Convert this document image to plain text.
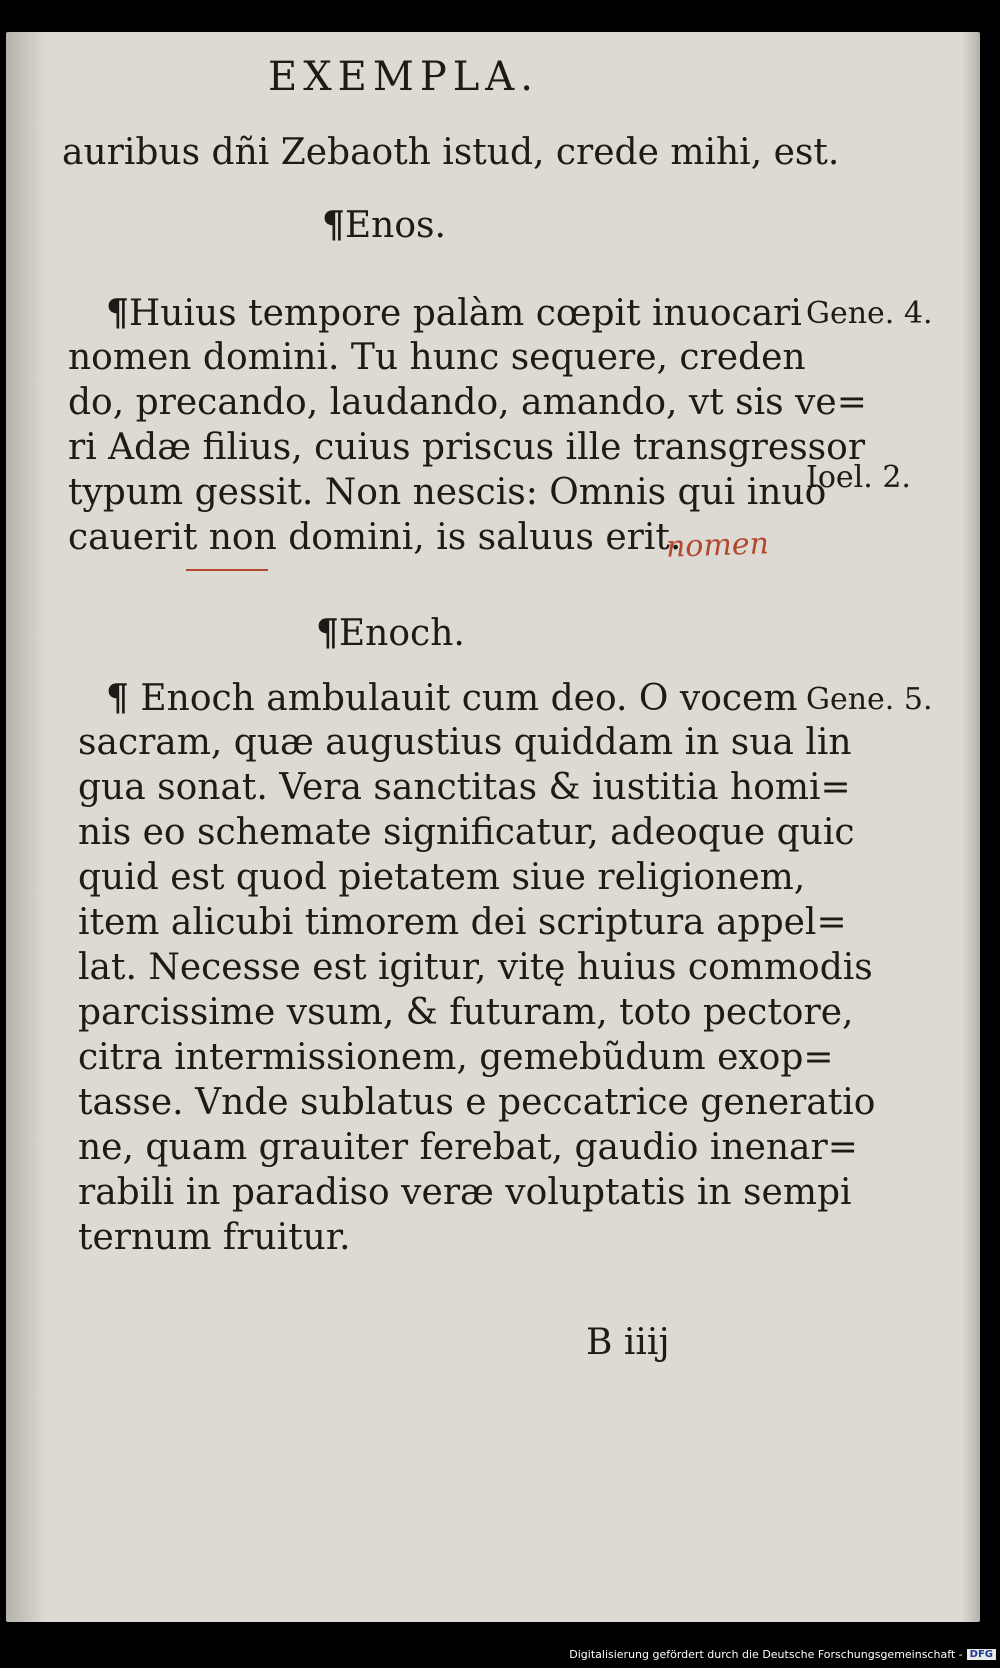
EXEMPLA.
auribus dñi Zebaoth istud, crede mihi, est.
¶Enos.
¶Huius tempore palàm cœpit inuocari
nomen domini. Tu hunc sequere, creden
do, precando, laudando, amando, vt sis ve=
ri Adæ filius, cuius priscus ille transgressor
typum gessit. Non nescis: Omnis qui inuo
cauerit non domini, is saluus erit.
nomen
Gene. 4.
Ioel. 2.
¶Enoch.
¶ Enoch ambulauit cum deo. O vocem
sacram, quæ augustius quiddam in sua lin
gua sonat. Vera sanctitas & iustitia homi=
nis eo schemate significatur, adeoque quic
quid est quod pietatem siue religionem,
item alicubi timorem dei scriptura appel=
lat. Necesse est igitur, vitę huius commodis
parcissime vsum, & futuram, toto pectore,
citra intermissionem, gemebũdum exop=
tasse. Vnde sublatus e peccatrice generatio
ne, quam grauiter ferebat, gaudio inenar=
rabili in paradiso veræ voluptatis in sempi
ternum fruitur.
Gene. 5.
B iiij
Digitalisierung gefördert durch die Deutsche Forschungsgemeinschaft - DFG
